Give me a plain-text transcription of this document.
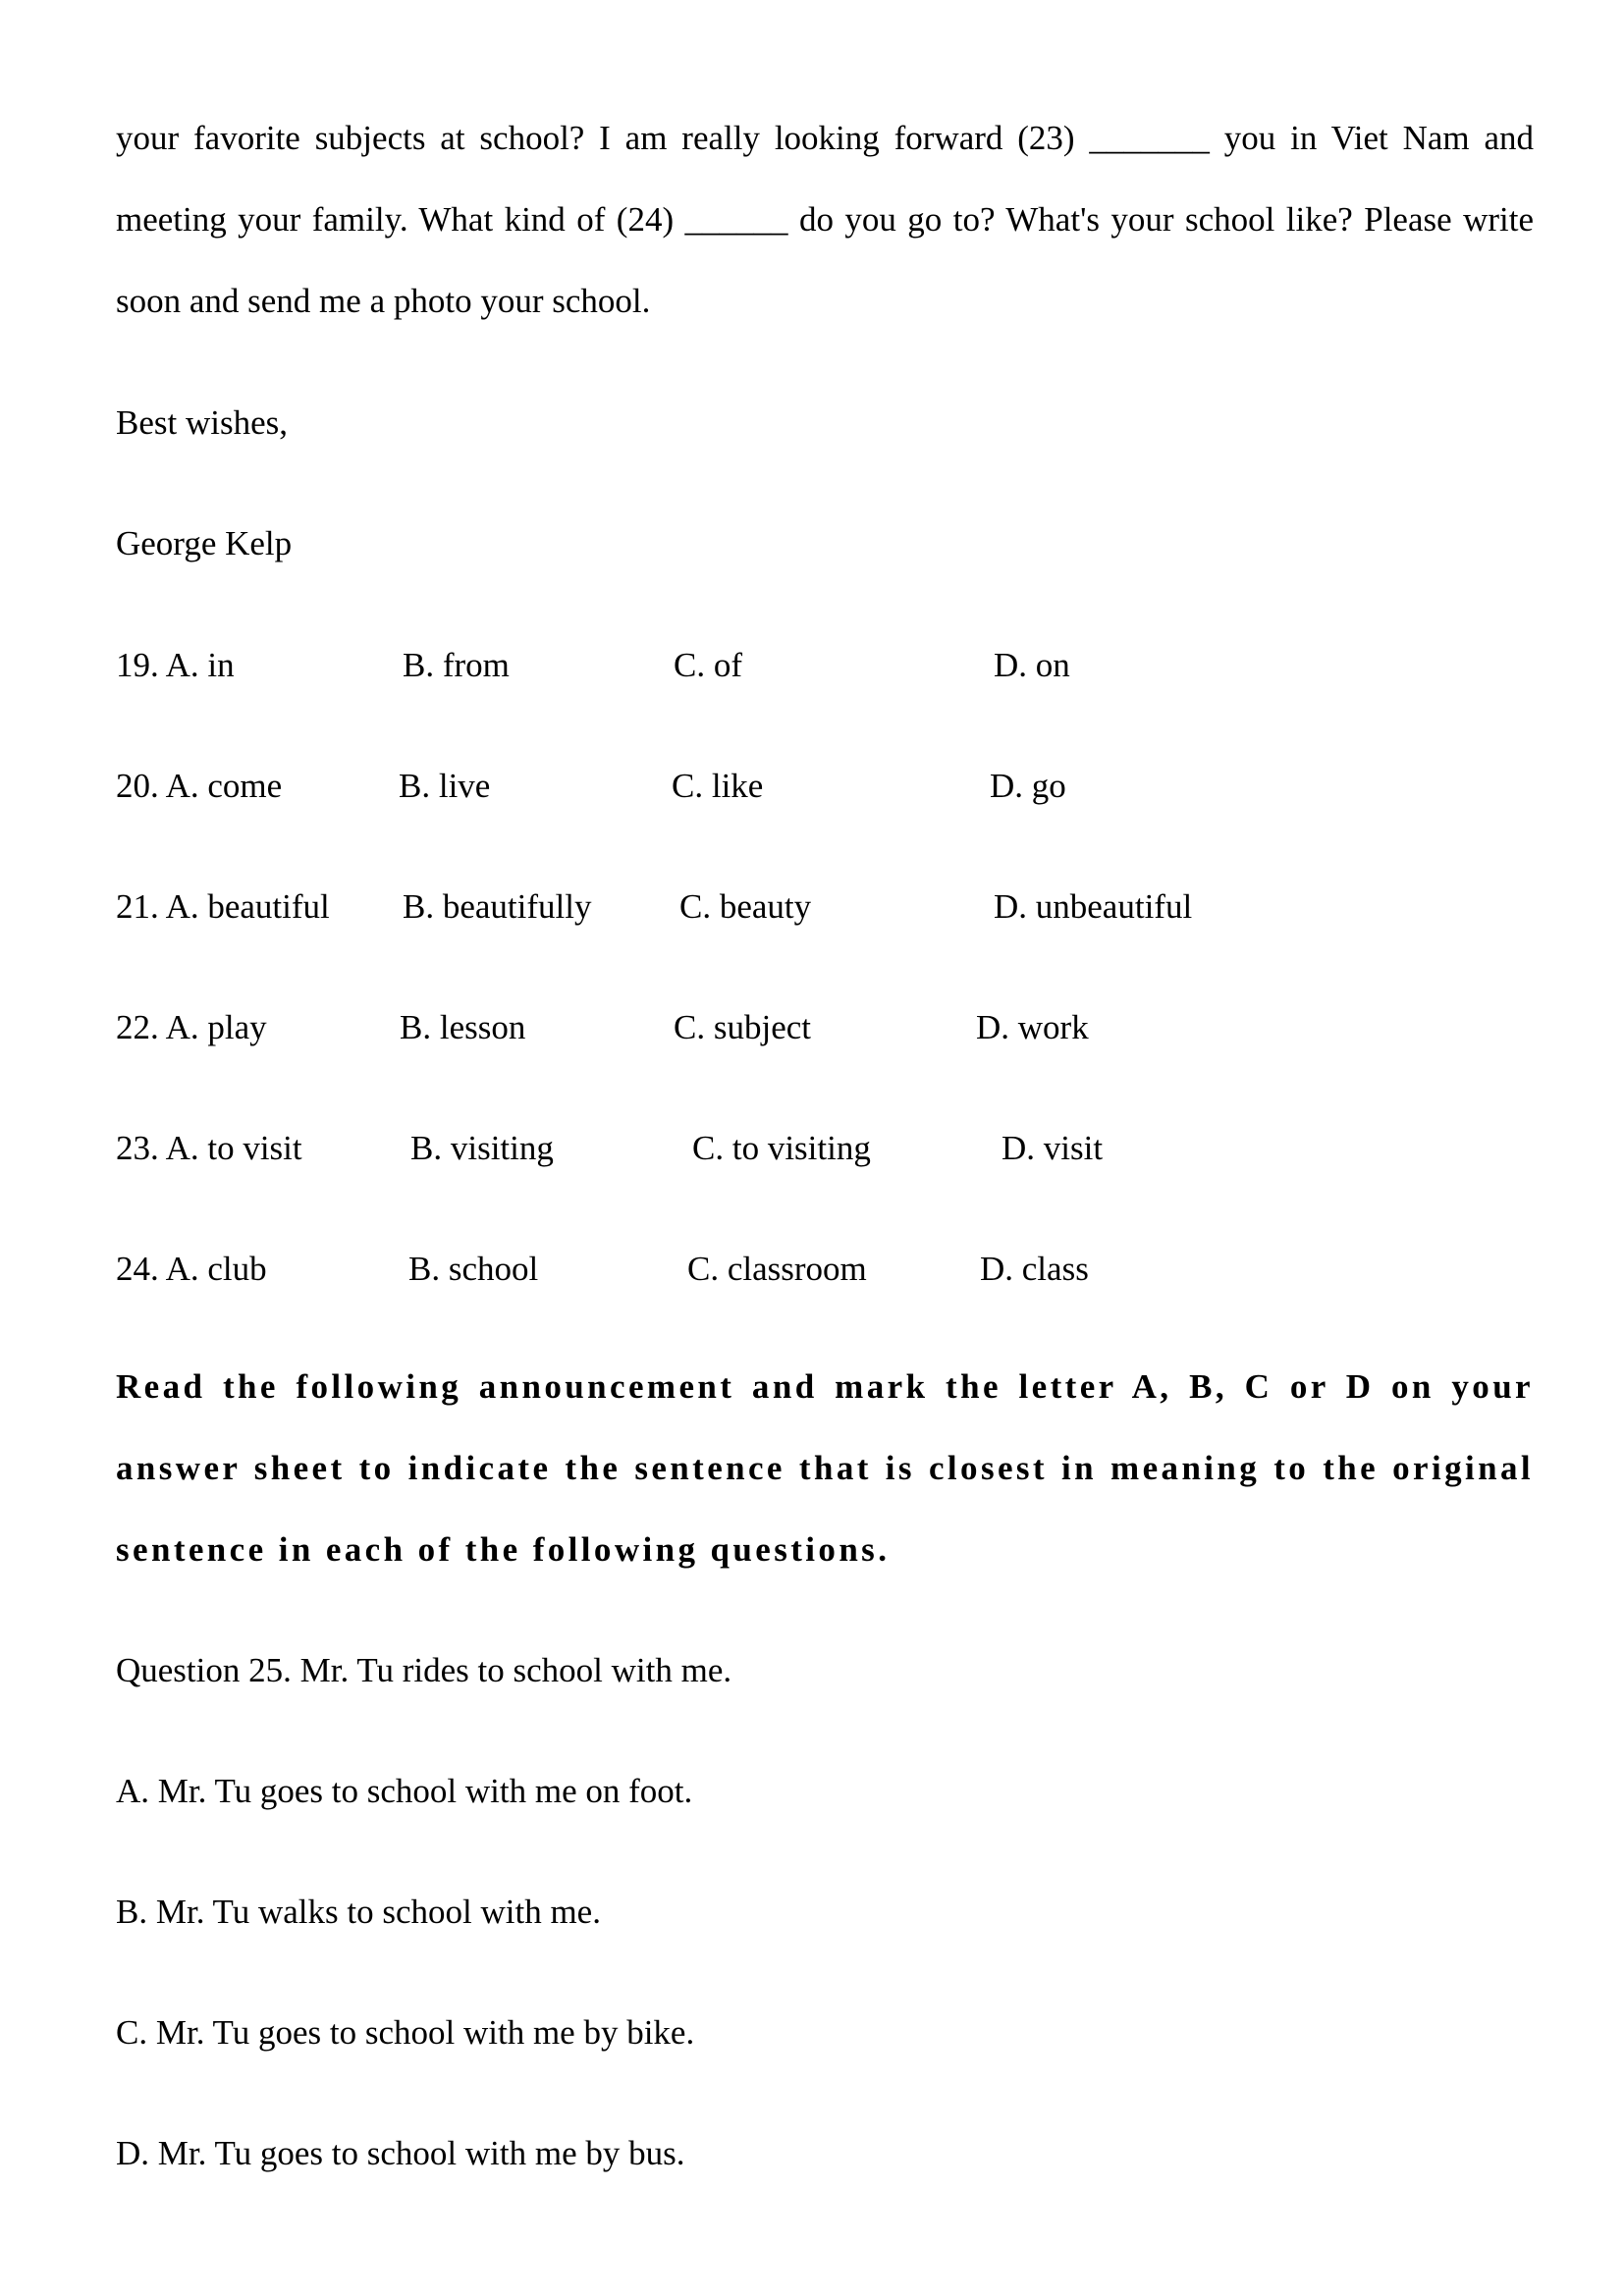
your favorite subjects at school? I am really looking forward (23) _______ you in Viet Nam and meeting your family. What kind of (24) ______ do you go to? What's your school like? Please write soon and send me a photo your school.

Best wishes,

George Kelp

19. A. in	B. from	C. of	D. on
20. A. come	B. live	C. like	D. go
21. A. beautiful B. beautifully	C. beauty	D. unbeautiful
22. A. play	B. lesson	C. subject	D. work
23. A. to visit	B. visiting	C. to visiting	D. visit
24. A. club	B. school	C. classroom	D. class

Read the following announcement and mark the letter A, B, C or D on your answer sheet to indicate the sentence that is closest in meaning to the original sentence in each of the following questions.

Question 25. Mr. Tu rides to school with me.

A. Mr. Tu goes to school with me on foot.

B. Mr. Tu walks to school with me.

C. Mr. Tu goes to school with me by bike.

D. Mr. Tu goes to school with me by bus.
